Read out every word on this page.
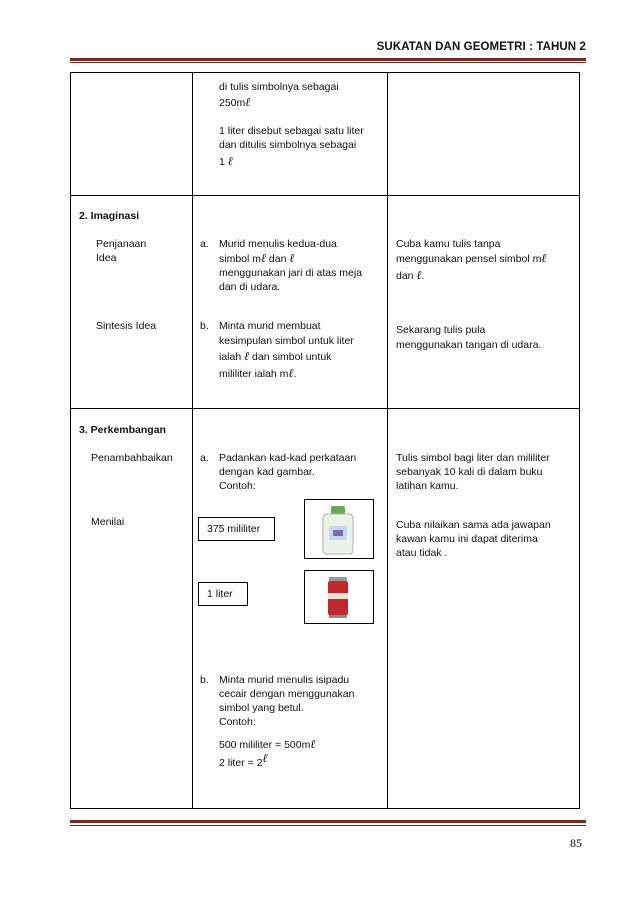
SUKATAN DAN GEOMETRI : TAHUN 2
di tulis simbolnya sebagai
250mℓ
1 liter disebut sebagai satu liter
dan ditulis simbolnya sebagai
1 ℓ
2. Imaginasi
Penjanaan
Idea
Sintesis Idea
a. Murid menulis kedua-dua
simbol mℓ dan ℓ
menggunakan jari di atas meja
dan di udara.
b. Minta murid membuat
kesimpulan simbol untuk liter
ialah ℓ dan simbol untuk
mililiter ialah mℓ.
Cuba kamu tulis tanpa
menggunakan pensel simbol mℓ
dan ℓ.
Sekarang tulis pula
menggunakan tangan di udara.
3. Perkembangan
Penambahbaikan
Menilai
a. Padankan kad-kad perkataan
dengan kad gambar.
Contoh:
375 mililiter
1 liter
b. Minta murid menulis isipadu
cecair dengan menggunakan
simbol yang betul.
Contoh:
500 mililiter = 500mℓ
2 liter = 2ℓ
Tulis simbol bagi liter dan mililiter
sebanyak 10 kali di dalam buku
latihan kamu.
Cuba nilaikan sama ada jawapan
kawan kamu ini dapat diterima
atau tidak .
85
